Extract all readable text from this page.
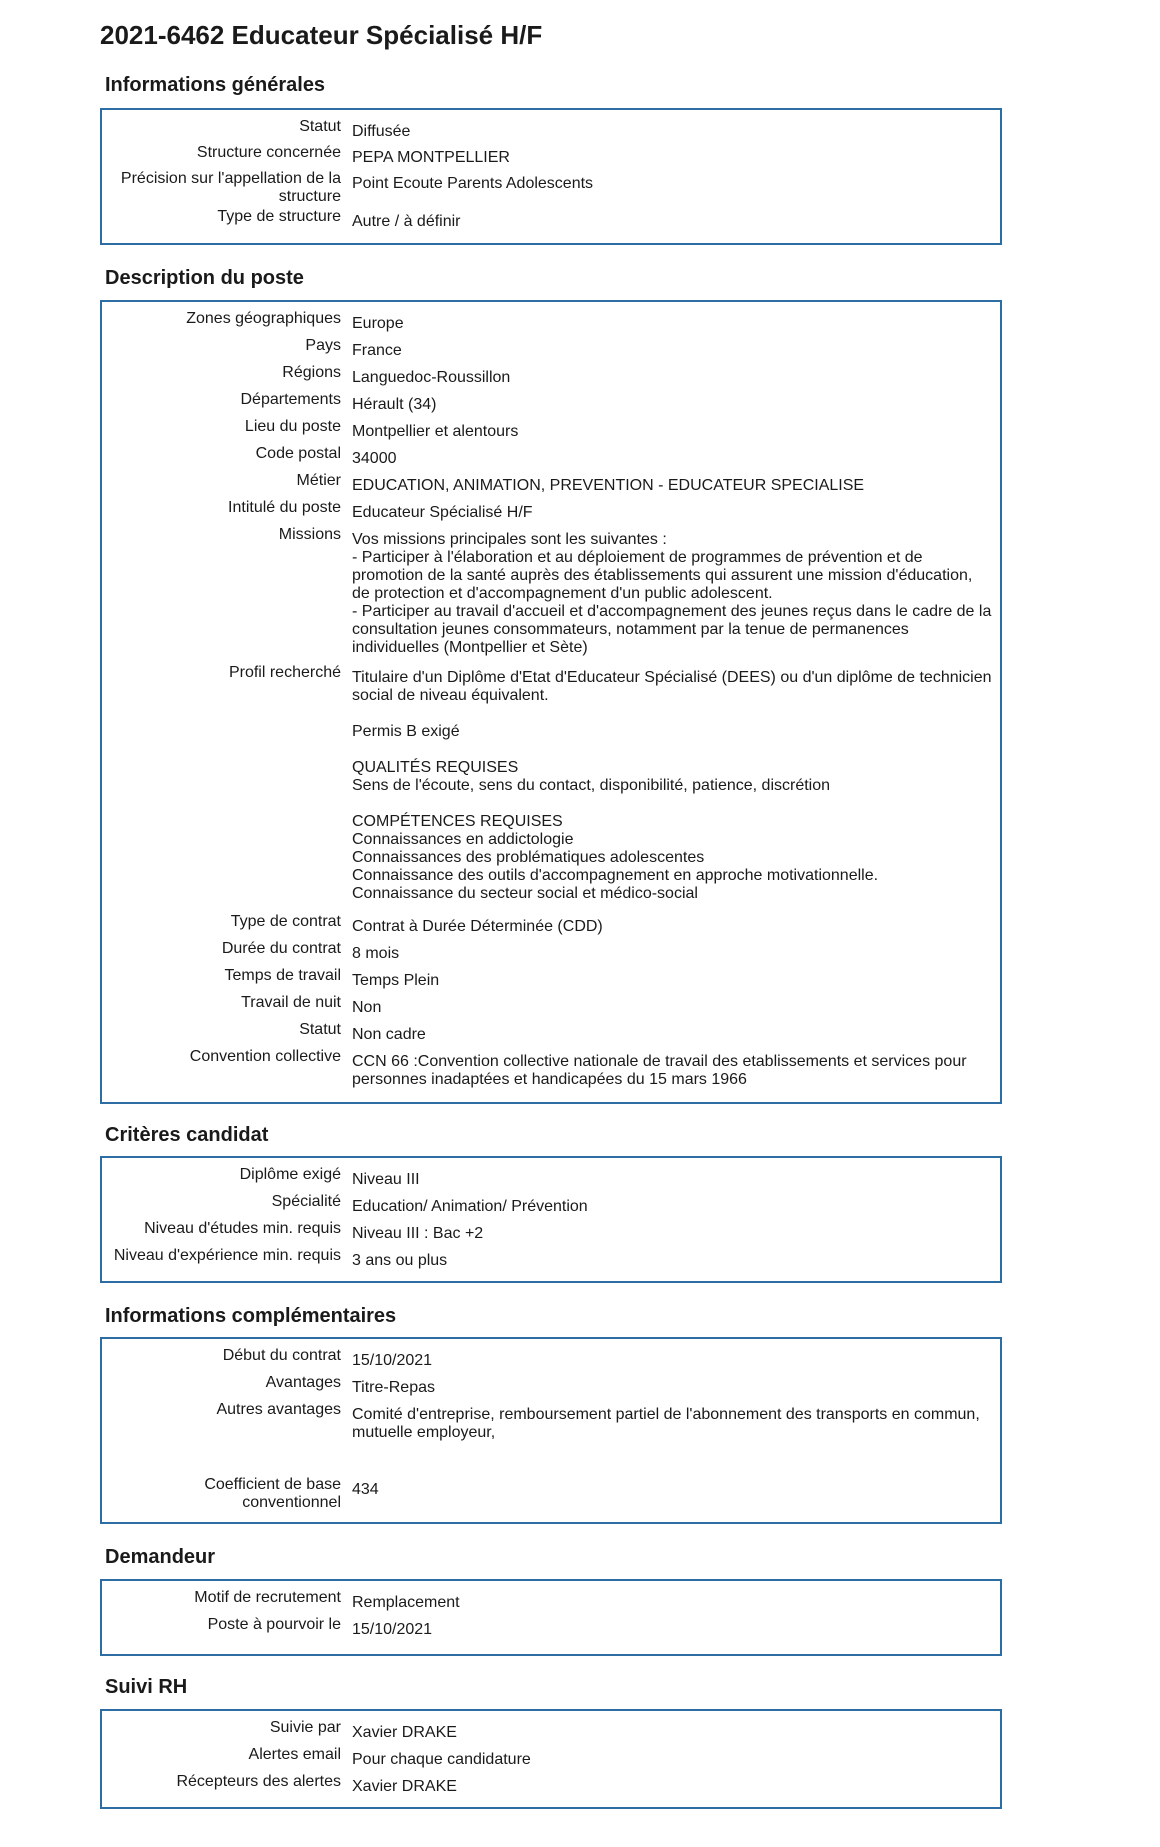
2021-6462 Educateur Spécialisé H/F
Informations générales
Statut Diffusée
Structure concernée PEPA MONTPELLIER
Précision sur l'appellation de la structure
Point Ecoute Parents Adolescents
Type de structure Autre / à définir
Description du poste
Zones géographiques Europe
Pays France
Régions Languedoc-Roussillon
Départements Hérault (34)
Lieu du poste Montpellier et alentours
Code postal 34000
Métier EDUCATION, ANIMATION, PREVENTION - EDUCATEUR SPECIALISE
Intitulé du poste Educateur Spécialisé H/F
Missions Vos missions principales sont les suivantes :
- Participer à l'élaboration et au déploiement de programmes de prévention et de promotion de la santé auprès des établissements qui assurent une mission d'éducation, de protection et d'accompagnement d'un public adolescent.
- Participer au travail d'accueil et d'accompagnement des jeunes reçus dans le cadre de la consultation jeunes consommateurs, notamment par la tenue de permanences individuelles (Montpellier et Sète)
Profil recherché Titulaire d'un Diplôme d'Etat d'Educateur Spécialisé (DEES) ou d'un diplôme de technicien social de niveau équivalent.

Permis B exigé

QUALITÉS REQUISES
Sens de l'écoute, sens du contact, disponibilité, patience, discrétion

COMPÉTENCES REQUISES
Connaissances en addictologie
Connaissances des problématiques adolescentes
Connaissance des outils d'accompagnement en approche motivationnelle.
Connaissance du secteur social et médico-social
Type de contrat Contrat à Durée Déterminée (CDD)
Durée du contrat 8 mois
Temps de travail Temps Plein
Travail de nuit Non
Statut Non cadre
Convention collective CCN 66 :Convention collective nationale de travail des etablissements et services pour personnes inadaptées et handicapées du 15 mars 1966
Critères candidat
Diplôme exigé Niveau III
Spécialité Education/ Animation/ Prévention
Niveau d'études min. requis Niveau III : Bac +2
Niveau d'expérience min. requis 3 ans ou plus
Informations complémentaires
Début du contrat 15/10/2021
Avantages Titre-Repas
Autres avantages Comité d'entreprise, remboursement partiel de l'abonnement des transports en commun, mutuelle employeur,
Coefficient de base conventionnel
434
Demandeur
Motif de recrutement Remplacement
Poste à pourvoir le 15/10/2021
Suivi RH
Suivie par Xavier DRAKE
Alertes email Pour chaque candidature
Récepteurs des alertes Xavier DRAKE
